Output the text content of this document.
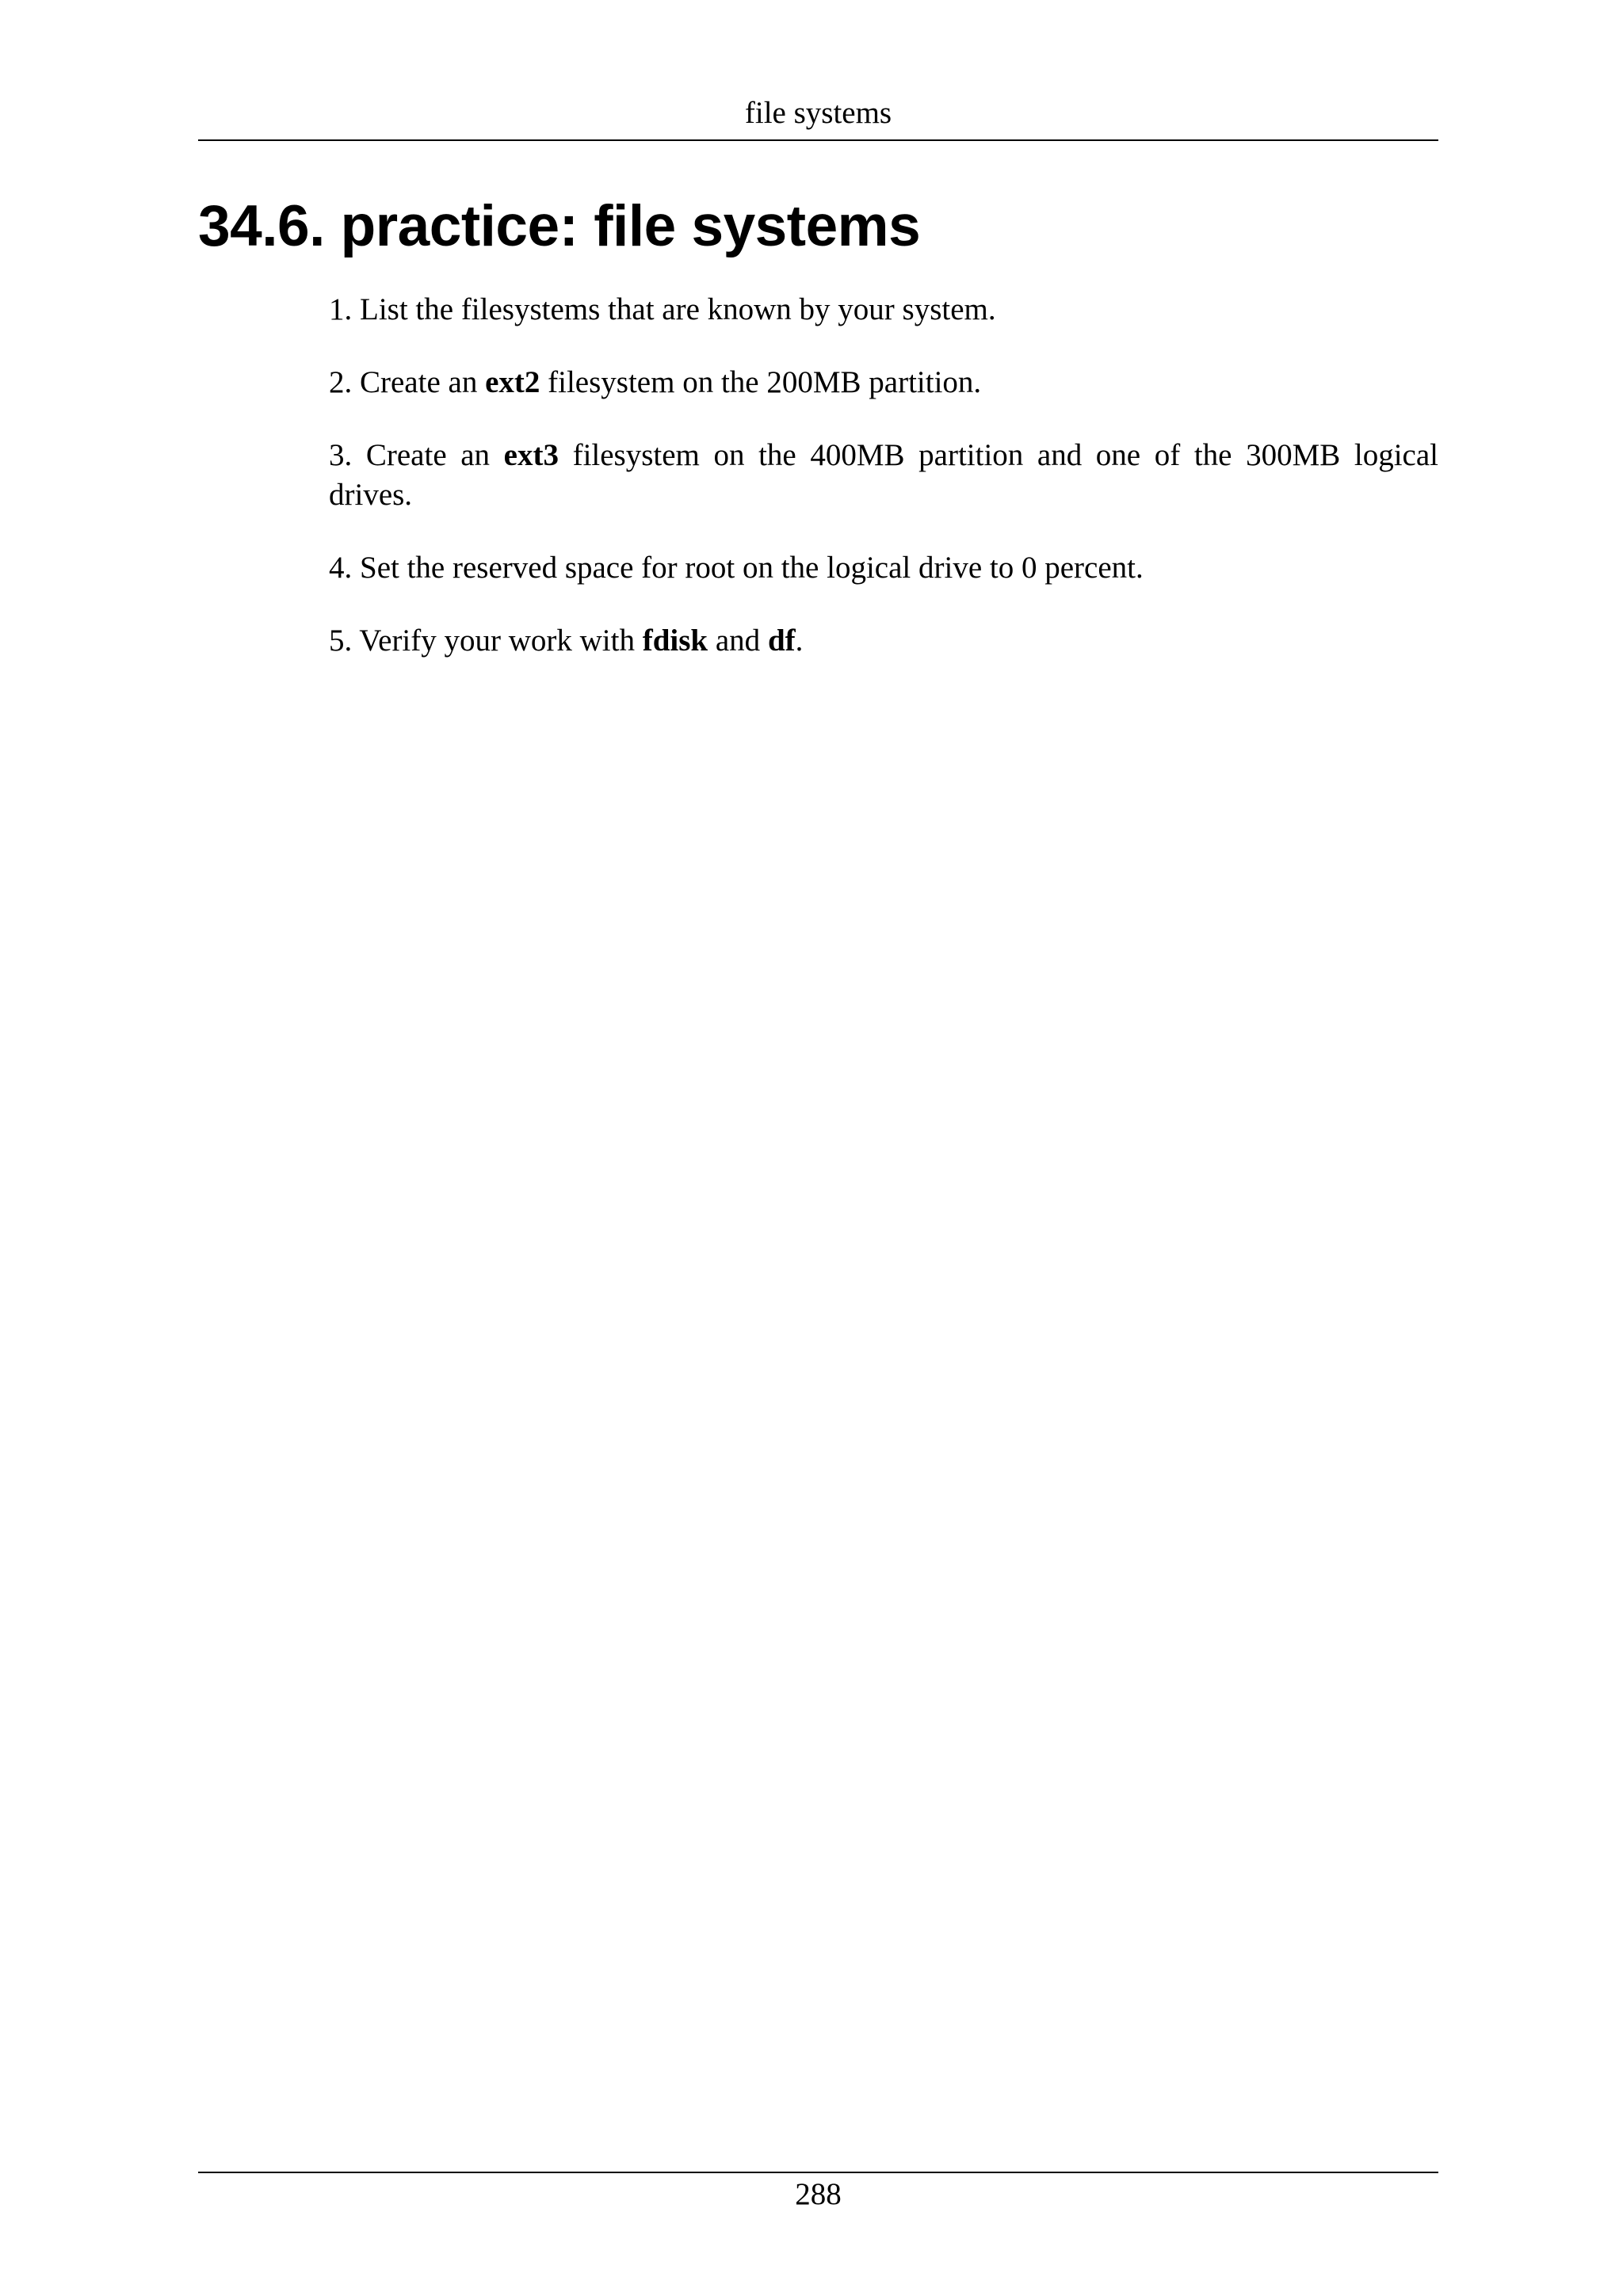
file systems
34.6. practice: file systems
1. List the filesystems that are known by your system.
2. Create an ext2 filesystem on the 200MB partition.
3. Create an ext3 filesystem on the 400MB partition and one of the 300MB logical drives.
4. Set the reserved space for root on the logical drive to 0 percent.
5. Verify your work with fdisk and df.
288
